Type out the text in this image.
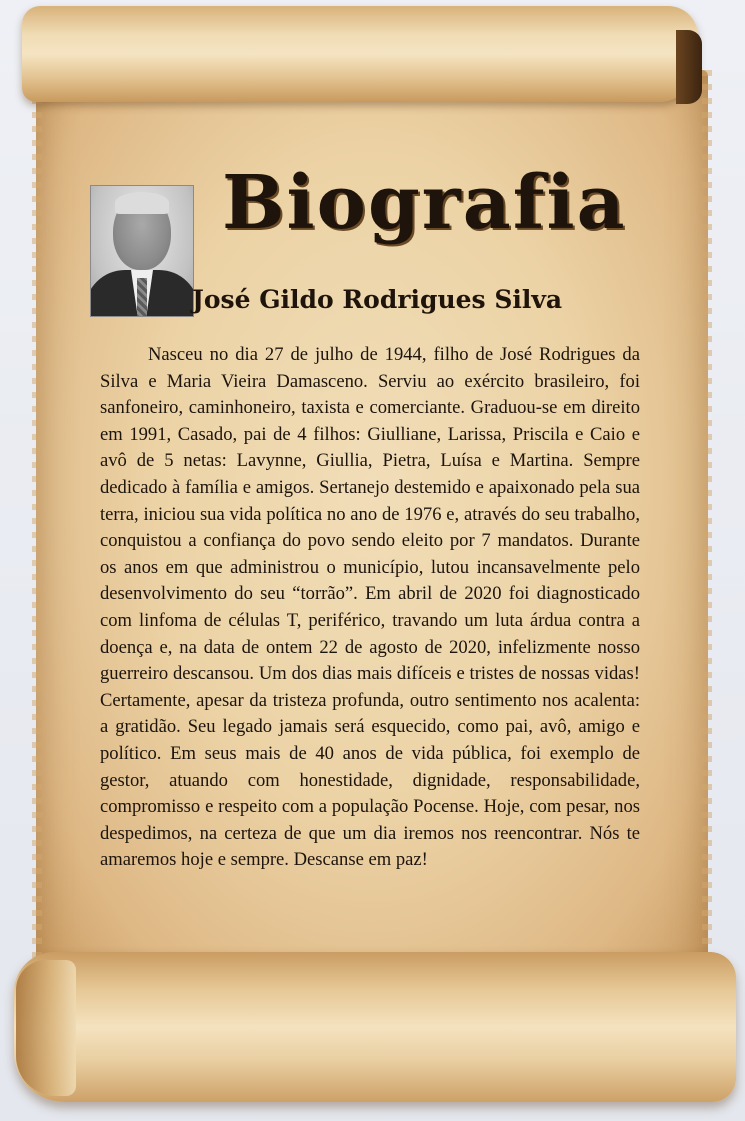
Biografia
José Gildo Rodrigues Silva

Nasceu no dia 27 de julho de 1944, filho de José Rodrigues da Silva e Maria Vieira Damasceno. Serviu ao exército brasileiro, foi sanfoneiro, caminhoneiro, taxista e comerciante. Graduou-se em direito em 1991, Casado, pai de 4 filhos: Giulliane, Larissa, Priscila e Caio e avô de 5 netas: Lavynne, Giullia, Pietra, Luísa e Martina. Sempre dedicado à família e amigos. Sertanejo destemido e apaixonado pela sua terra, iniciou sua vida política no ano de 1976 e, através do seu trabalho, conquistou a confiança do povo sendo eleito por 7 mandatos. Durante os anos em que administrou o município, lutou incansavelmente pelo desenvolvimento do seu “torrão”. Em abril de 2020 foi diagnosticado com linfoma de células T, periférico, travando um luta árdua contra a doença e, na data de ontem 22 de agosto de 2020, infelizmente nosso guerreiro descansou. Um dos dias mais difíceis e tristes de nossas vidas! Certamente, apesar da tristeza profunda, outro sentimento nos acalenta: a gratidão. Seu legado jamais será esquecido, como pai, avô, amigo e político. Em seus mais de 40 anos de vida pública, foi exemplo de gestor, atuando com honestidade, dignidade, responsabilidade, compromisso e respeito com a população Pocense. Hoje, com pesar, nos despedimos, na certeza de que um dia iremos nos reencontrar. Nós te amaremos hoje e sempre. Descanse em paz!
